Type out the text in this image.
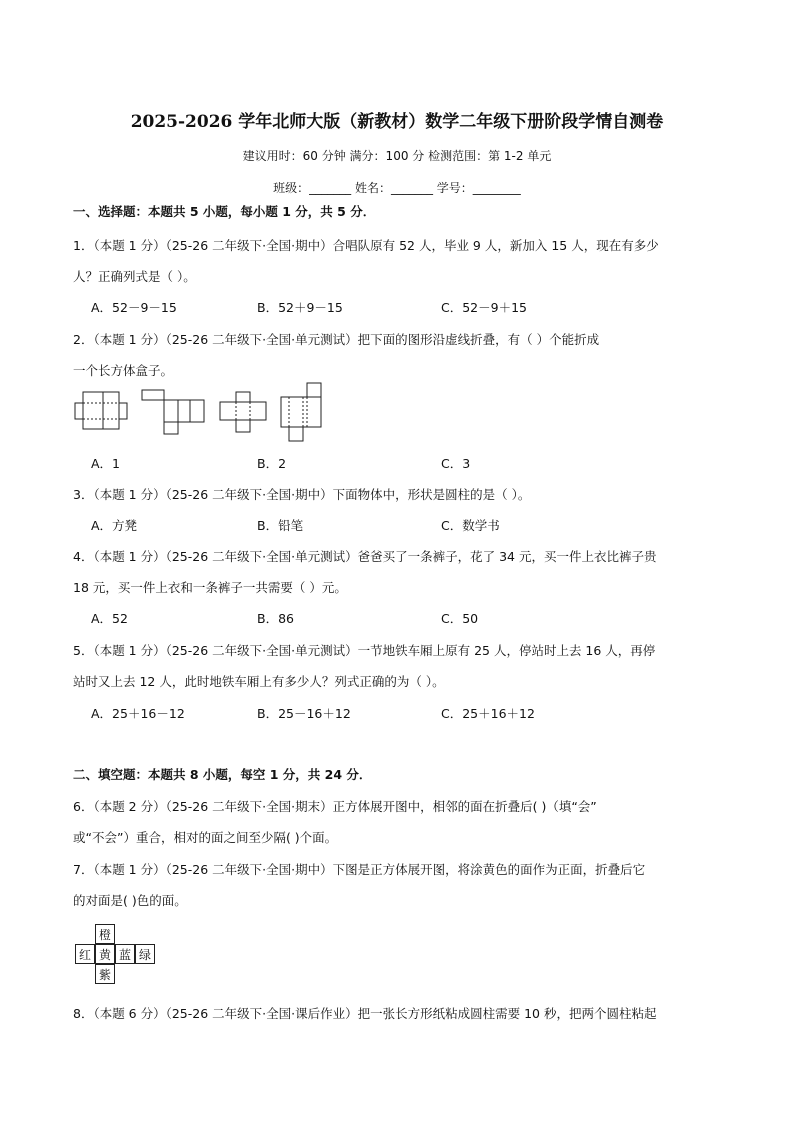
2025-2026 学年北师大版（新教材）数学二年级下册阶段学情自测卷
建议用时：60 分钟 满分：100 分 检测范围：第 1-2 单元
班级：_______ 姓名：_______ 学号：________
一、选择题：本题共 5 小题，每小题 1 分，共 5 分．
1．（本题 1 分）（25-26 二年级下·全国·期中）合唱队原有 52 人，毕业 9 人，新加入 15 人，现在有多少
人？正确列式是（ ）。
A．52－9－15	B．52＋9－15	C．52－9＋15
2．（本题 1 分）（25-26 二年级下·全国·单元测试）把下面的图形沿虚线折叠，有（ ）个能折成
一个长方体盒子。
A．1	B．2	C．3
3．（本题 1 分）（25-26 二年级下·全国·期中）下面物体中，形状是圆柱的是（ ）。
A．方凳	B．铅笔	C．数学书
4．（本题 1 分）（25-26 二年级下·全国·单元测试）爸爸买了一条裤子，花了 34 元，买一件上衣比裤子贵
18 元，买一件上衣和一条裤子一共需要（ ）元。
A．52	B．86	C．50
5．（本题 1 分）（25-26 二年级下·全国·单元测试）一节地铁车厢上原有 25 人，停站时上去 16 人，再停
站时又上去 12 人，此时地铁车厢上有多少人？列式正确的为（ ）。
A．25＋16－12	B．25－16＋12	C．25＋16＋12
二、填空题：本题共 8 小题，每空 1 分，共 24 分．
6．（本题 2 分）（25-26 二年级下·全国·期末）正方体展开图中，相邻的面在折叠后( )（填“会”
或“不会”）重合，相对的面之间至少隔( )个面。
7．（本题 1 分）（25-26 二年级下·全国·期中）下图是正方体展开图，将涂黄色的面作为正面，折叠后它
的对面是( )色的面。
橙
红 黄 蓝 绿
紫
8．（本题 6 分）（25-26 二年级下·全国·课后作业）把一张长方形纸粘成圆柱需要 10 秒，把两个圆柱粘起
